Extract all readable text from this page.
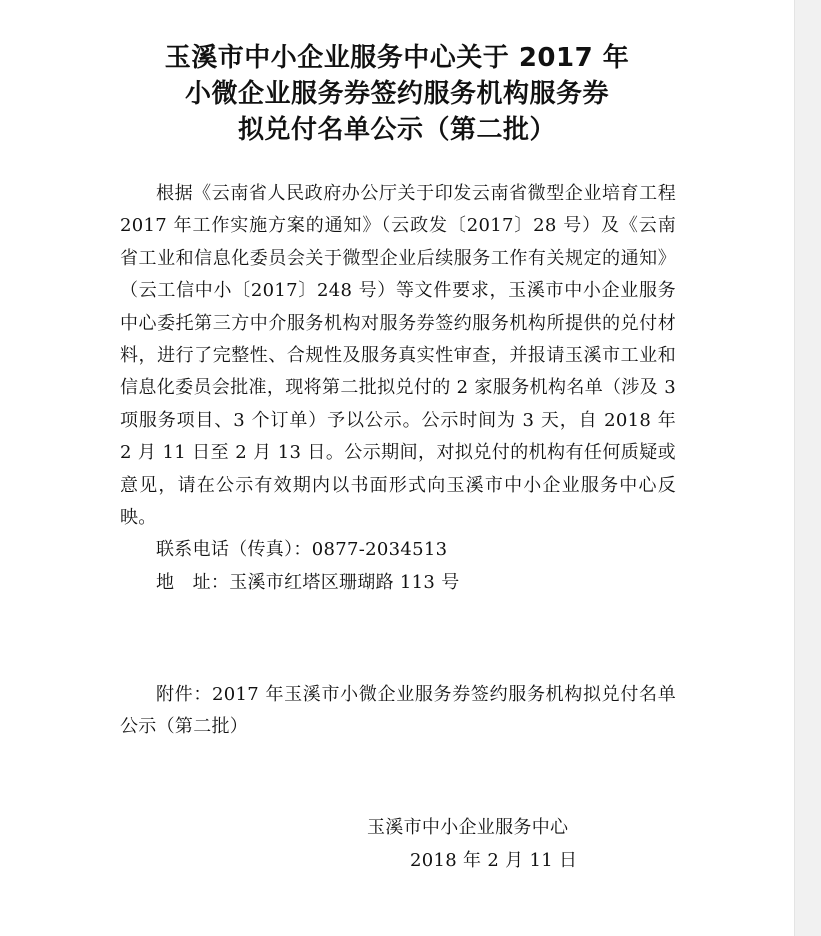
玉溪市中小企业服务中心关于 2017 年
小微企业服务券签约服务机构服务券
拟兑付名单公示（第二批）

根据《云南省人民政府办公厅关于印发云南省微型企业培育工程 2017 年工作实施方案的通知》（云政发〔2017〕28 号）及《云南省工业和信息化委员会关于微型企业后续服务工作有关规定的通知》（云工信中小〔2017〕248 号）等文件要求，玉溪市中小企业服务中心委托第三方中介服务机构对服务券签约服务机构所提供的兑付材料，进行了完整性、合规性及服务真实性审查，并报请玉溪市工业和信息化委员会批准，现将第二批拟兑付的 2 家服务机构名单（涉及 3 项服务项目、3 个订单）予以公示。公示时间为 3 天，自 2018 年 2 月 11 日至 2 月 13 日。公示期间，对拟兑付的机构有任何质疑或意见，请在公示有效期内以书面形式向玉溪市中小企业服务中心反映。

联系电话（传真）：0877-2034513

地　址：玉溪市红塔区珊瑚路 113 号

附件：2017 年玉溪市小微企业服务券签约服务机构拟兑付名单公示（第二批）

玉溪市中小企业服务中心
2018 年 2 月 11 日
